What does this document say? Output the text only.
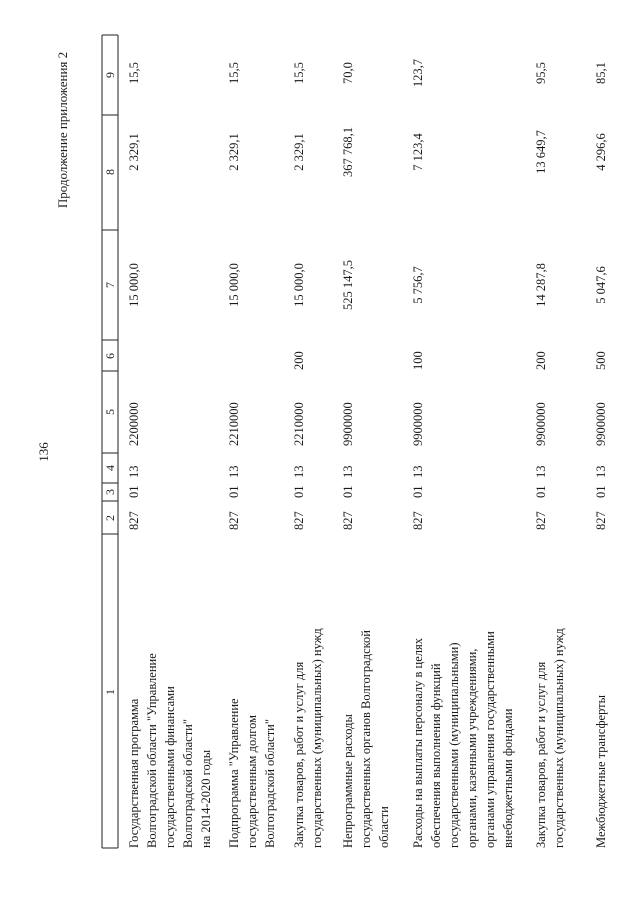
136
Продолжение приложения 2
1
2
3
4
5
6
7
8
9
Государственная программа Волгоградской области "Управление государственными финансами Волгоградской области" на 2014-2020 годы
827
01
13
2200000
15 000,0
2 329,1
15,5
Подпрограмма "Управление государственным долгом Волгоградской области"
827
01
13
2210000
15 000,0
2 329,1
15,5
Закупка товаров, работ и услуг для государственных (муниципальных) нужд
827
01
13
2210000
200
15 000,0
2 329,1
15,5
Непрограммные расходы государственных органов Волгоградской области
827
01
13
9900000
525 147,5
367 768,1
70,0
Расходы на выплаты персоналу в целях обеспечения выполнения функций государственными (муниципальными) органами, казенными учреждениями, органами управления государственными внебюджетными фондами
827
01
13
9900000
100
5 756,7
7 123,4
123,7
Закупка товаров, работ и услуг для государственных (муниципальных) нужд
827
01
13
9900000
200
14 287,8
13 649,7
95,5
Межбюджетные трансферты
827
01
13
9900000
500
5 047,6
4 296,6
85,1
